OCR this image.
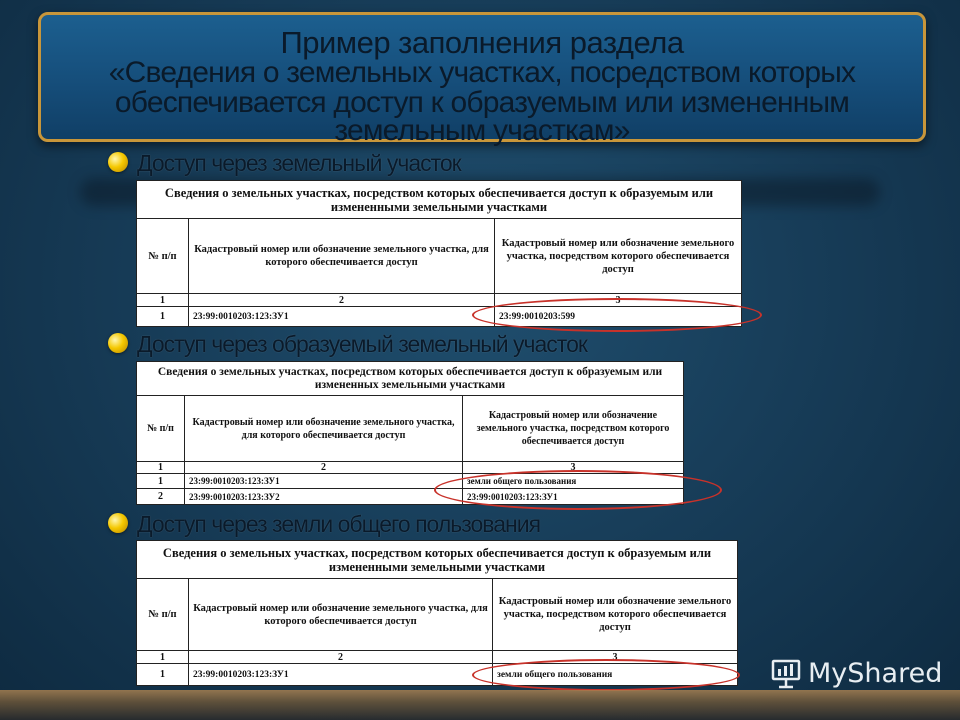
Пример заполнения раздела
«Сведения о земельных участках, посредством которых
обеспечивается доступ к образуемым или измененным
земельным участкам»
Доступ через земельный участок
Сведения о земельных участках, посредством которых обеспечивается доступ к образуемым или измененными земельными участками		
№ п/п	Кадастровый номер или обозначение земельного участка, для которого обеспечивается доступ	Кадастровый номер или обозначение земельного участка, посредством которого обеспечивается доступ
1	2	3
1	23:99:0010203:123:ЗУ1	23:99:0010203:599
Доступ через образуемый земельный участок
Сведения о земельных участках, посредством которых обеспечивается доступ к образуемым или измененных земельными участками		
№ п/п	Кадастровый номер или обозначение земельного участка, для которого обеспечивается доступ	Кадастровый номер или обозначение земельного участка, посредством которого обеспечивается доступ
1	2	3
1	23:99:0010203:123:ЗУ1	земли общего пользования
2	23:99:0010203:123:ЗУ2	23:99:0010203:123:ЗУ1
Доступ через земли общего пользования
Сведения о земельных участках, посредством которых обеспечивается доступ к образуемым или измененными земельными участками		
№ п/п	Кадастровый номер или обозначение земельного участка, для которого обеспечивается доступ	Кадастровый номер или обозначение земельного участка, посредством которого обеспечивается доступ
1	2	3
1	23:99:0010203:123:ЗУ1	земли общего пользования	MyShared
